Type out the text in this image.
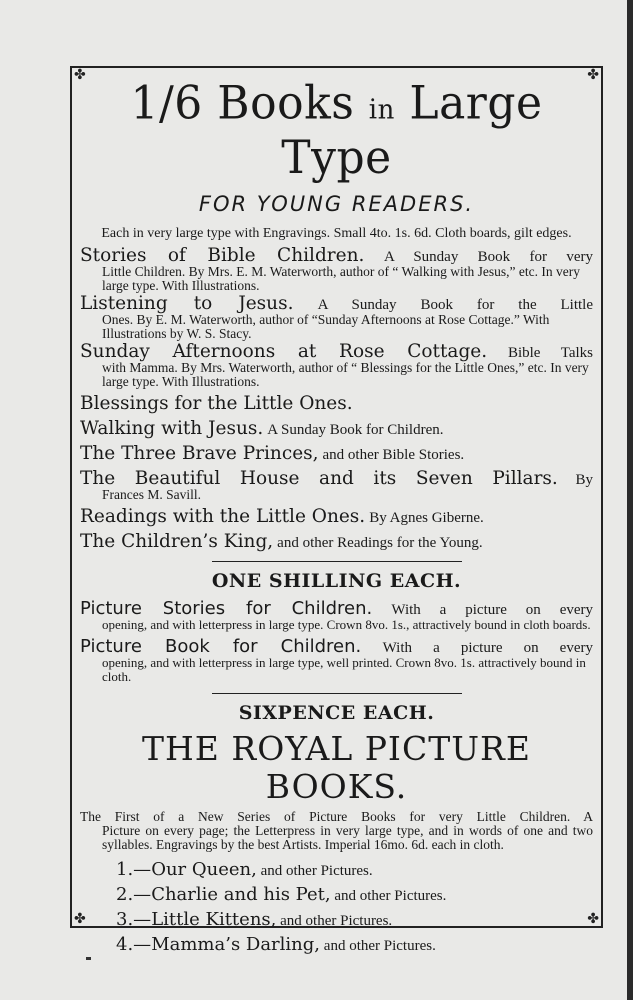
✤	✤
✤	✤
1/6 Books in Large Type
FOR YOUNG READERS.
Each in very large type with Engravings. Small 4to. 1s. 6d. Cloth boards, gilt edges.
Stories of Bible Children. A Sunday Book for very
Little Children. By Mrs. E. M. Waterworth, author of “ Walking with Jesus,” etc. In very large type. With Illustrations.
Listening to Jesus. A Sunday Book for the Little
Ones. By E. M. Waterworth, author of “Sunday Afternoons at Rose Cottage.” With Illustrations by W. S. Stacy.
Sunday Afternoons at Rose Cottage. Bible Talks
with Mamma. By Mrs. Waterworth, author of “ Blessings for the Little Ones,” etc. In very large type. With Illustrations.
Blessings for the Little Ones.
Walking with Jesus. A Sunday Book for Children.
The Three Brave Princes, and other Bible Stories.
The Beautiful House and its Seven Pillars. By
Frances M. Savill.
Readings with the Little Ones. By Agnes Giberne.
The Children’s King, and other Readings for the Young.
ONE SHILLING EACH.
Picture Stories for Children. With a picture on every
opening, and with letterpress in large type. Crown 8vo. 1s., attractively bound in cloth boards.
Picture Book for Children. With a picture on every
opening, and with letterpress in large type, well printed. Crown 8vo. 1s. attractively bound in cloth.
SIXPENCE EACH.
THE ROYAL PICTURE BOOKS.
The First of a New Series of Picture Books for very Little Children. A
Picture on every page; the Letterpress in very large type, and in words of one and two syllables. Engravings by the best Artists. Imperial 16mo. 6d. each in cloth.
1.—Our Queen, and other Pictures.
2.—Charlie and his Pet, and other Pictures.
3.—Little Kittens, and other Pictures.
4.—Mamma’s Darling, and other Pictures.
